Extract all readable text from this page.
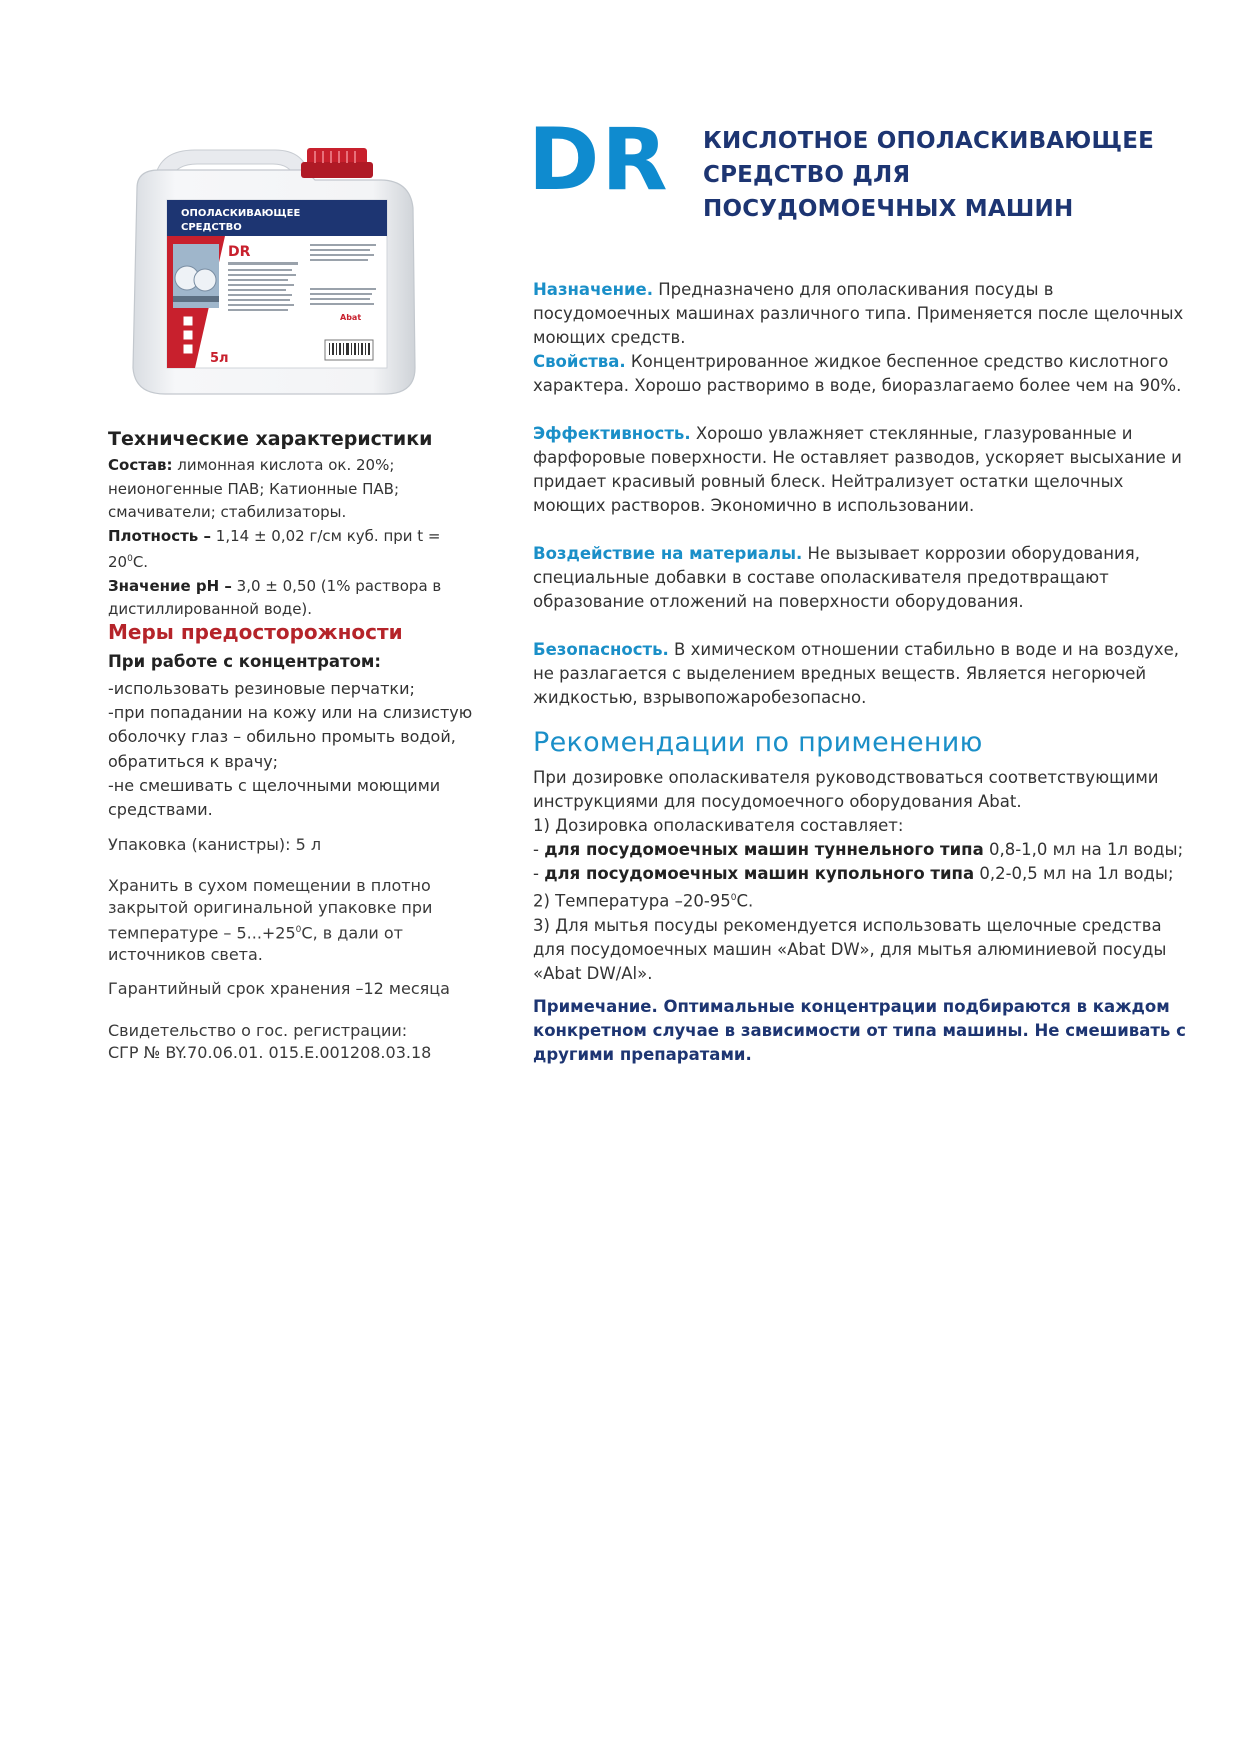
ОПОЛАСКИВАЮЩЕЕ
СРЕДСТВО
DR
5л
Abat
DR КИСЛОТНОЕ ОПОЛАСКИВАЮЩЕЕ СРЕДСТВО ДЛЯ ПОСУДОМОЕЧНЫХ МАШИН
Технические характеристики

Состав: лимонная кислота ок. 20%; неионогенные ПАВ; Катионные ПАВ; смачиватели; стабилизаторы.

Плотность – 1,14 ± 0,02 г/см куб. при $t = 20^0С$.

Значение pH – 3,0 ± 0,50 (1% раствора в дистиллированной воде).

Меры предосторожности
При работе с концентратом:

-использовать резиновые перчатки;

-при попадании на кожу или на слизистую оболочку глаз – обильно промыть водой, обратиться к врачу;

-не смешивать с щелочными моющими средствами.

Упаковка (канистры): 5 л
Хранить в сухом помещении в плотно закрытой оригинальной упаковке при температуре – $5...+25^0С$, в дали от источников света.
Гарантийный срок хранения –12 месяца

Свидетельство о гос. регистрации:

СГР № BY.70.06.01. 015.Е.001208.03.18

Назначение. Предназначено для ополаскивания посуды в посудомоечных машинах различного типа. Применяется после щелочных моющих средств.

Свойства. Концентрированное жидкое беспенное средство кислотного характера. Хорошо растворимо в воде, биоразлагаемо более чем на 90%.

Эффективность. Хорошо увлажняет стеклянные, глазурованные и фарфоровые поверхности. Не оставляет разводов, ускоряет высыхание и придает красивый ровный блеск. Нейтрализует остатки щелочных моющих растворов. Экономично в использовании.

Воздействие на материалы. Не вызывает коррозии оборудования, специальные добавки в составе ополаскивателя предотвращают образование отложений на поверхности оборудования.

Безопасность. В химическом отношении стабильно в воде и на воздухе, не разлагается с выделением вредных веществ. Является негорючей жидкостью, взрывопожаробезопасно.

Рекомендации по применению

При дозировке ополаскивателя руководствоваться соответствующими инструкциями для посудомоечного оборудования Abat.

1) Дозировка ополаскивателя составляет:

- для посудомоечных машин туннельного типа 0,8-1,0 мл на 1л воды;

- для посудомоечных машин купольного типа 0,2-0,5 мл на 1л воды;

2) Температура $-20-95^0С$.

3) Для мытья посуды рекомендуется использовать щелочные средства для посудомоечных машин «Abat DW», для мытья алюминиевой посуды «Abat DW/Al».

Примечание. Оптимальные концентрации подбираются в каждом конкретном случае в зависимости от типа машины. Не смешивать с другими препаратами.
